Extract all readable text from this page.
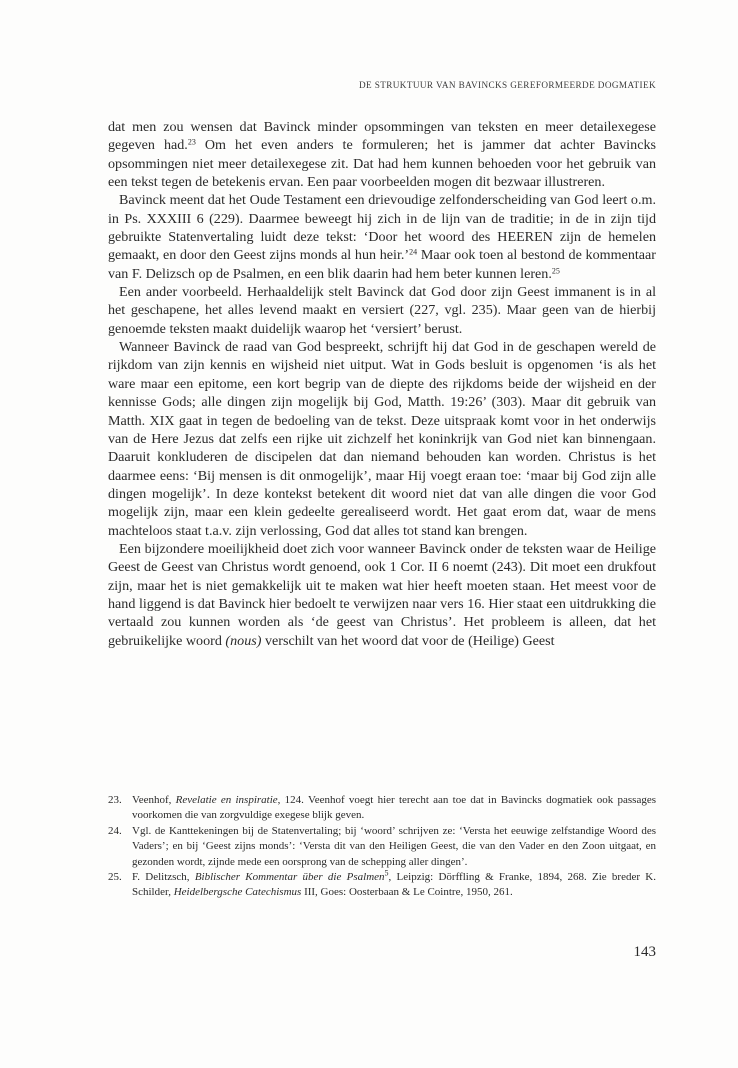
DE STRUKTUUR VAN BAVINCKS GEREFORMEERDE DOGMATIEK

dat men zou wensen dat Bavinck minder opsommingen van teksten en meer detailexegese gegeven had.$^{23}$ Om het even anders te formuleren; het is jammer dat achter Bavincks opsommingen niet meer detailexegese zit. Dat had hem kunnen behoeden voor het gebruik van een tekst tegen de betekenis ervan. Een paar voorbeelden mogen dit bezwaar illustreren.

Bavinck meent dat het Oude Testament een drievoudige zelfonderscheiding van God leert o.m. in Ps. XXXIII 6 (229). Daarmee beweegt hij zich in de lijn van de traditie; in de in zijn tijd gebruikte Statenvertaling luidt deze tekst: ‘Door het woord des HEEREN zijn de hemelen gemaakt, en door den Geest zijns monds al hun heir.’$^{24}$ Maar ook toen al bestond de kommentaar van F. Delizsch op de Psalmen, en een blik daarin had hem beter kunnen leren.$^{25}$

Een ander voorbeeld. Herhaaldelijk stelt Bavinck dat God door zijn Geest immanent is in al het geschapene, het alles levend maakt en versiert (227, vgl. 235). Maar geen van de hierbij genoemde teksten maakt duidelijk waarop het ‘versiert’ berust.

Wanneer Bavinck de raad van God bespreekt, schrijft hij dat God in de geschapen wereld de rijkdom van zijn kennis en wijsheid niet uitput. Wat in Gods besluit is opgenomen ‘is als het ware maar een epitome, een kort begrip van de diepte des rijkdoms beide der wijsheid en der kennisse Gods; alle dingen zijn mogelijk bij God, Matth. 19:26’ (303). Maar dit gebruik van Matth. XIX gaat in tegen de bedoeling van de tekst. Deze uitspraak komt voor in het onderwijs van de Here Jezus dat zelfs een rijke uit zichzelf het koninkrijk van God niet kan binnengaan. Daaruit konkluderen de discipelen dat dan niemand behouden kan worden. Christus is het daarmee eens: ‘Bij mensen is dit onmogelijk’, maar Hij voegt eraan toe: ‘maar bij God zijn alle dingen mogelijk’. In deze kontekst betekent dit woord niet dat van alle dingen die voor God mogelijk zijn, maar een klein gedeelte gerealiseerd wordt. Het gaat erom dat, waar de mens machteloos staat t.a.v. zijn verlossing, God dat alles tot stand kan brengen.

Een bijzondere moeilijkheid doet zich voor wanneer Bavinck onder de teksten waar de Heilige Geest de Geest van Christus wordt genoend, ook 1 Cor. II 6 noemt (243). Dit moet een drukfout zijn, maar het is niet gemakkelijk uit te maken wat hier heeft moeten staan. Het meest voor de hand liggend is dat Bavinck hier bedoelt te verwijzen naar vers 16. Hier staat een uitdrukking die vertaald zou kunnen worden als ‘de geest van Christus’. Het probleem is alleen, dat het gebruikelijke woord (nous) verschilt van het woord dat voor de (Heilige) Geest

23. Veenhof, Revelatie en inspiratie, 124. Veenhof voegt hier terecht aan toe dat in Bavincks dogmatiek ook passages voorkomen die van zorgvuldige exegese blijk geven.
24. Vgl. de Kanttekeningen bij de Statenvertaling; bij ‘woord’ schrijven ze: ‘Versta het eeuwige zelfstandige Woord des Vaders’; en bij ‘Geest zijns monds’: ‘Versta dit van den Heiligen Geest, die van den Vader en den Zoon uitgaat, en gezonden wordt, zijnde mede een oorsprong van de schepping aller dingen’.
25. F. Delitzsch, Biblischer Kommentar über die Psalmen$^5$, Leipzig: Dörffling & Franke, 1894, 268. Zie breder K. Schilder, Heidelbergsche Catechismus III, Goes: Oosterbaan & Le Cointre, 1950, 261.
143
